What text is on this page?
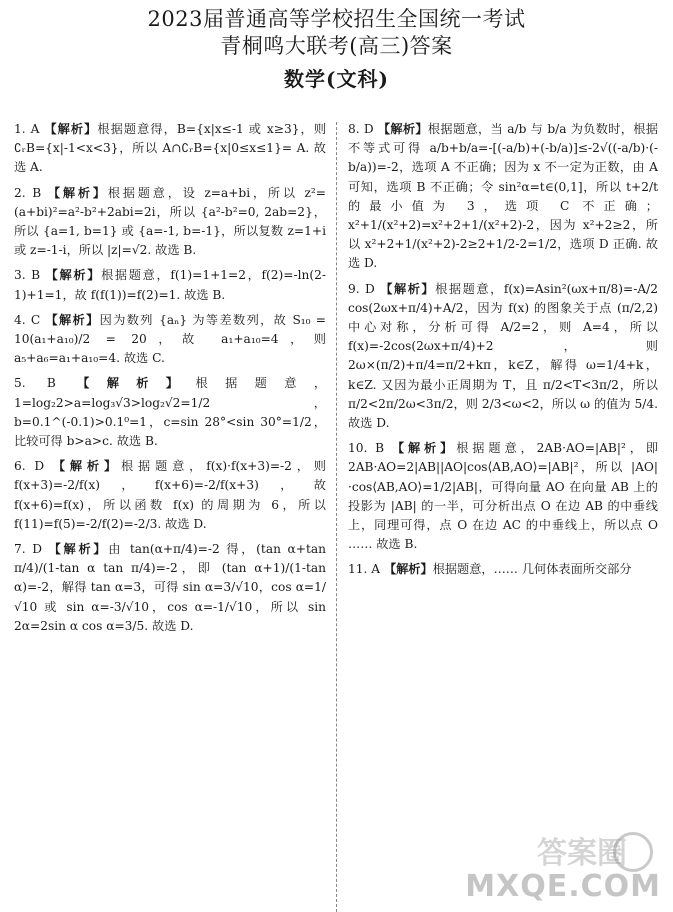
2023届普通高等学校招生全国统一考试
青桐鸣大联考(高三)答案
数学(文科)
1. A 【解析】根据题意得，B={x|x≤-1 或 x≥3}，则 ∁ᵣB={x|-1<x<3}，所以 A∩∁ᵣB={x|0≤x≤1}= A. 故选 A.
2. B 【解析】根据题意，设 z=a+bi，所以 z²=(a+bi)²=a²-b²+2abi=2i，所以 {a²-b²=0, 2ab=2}，所以 {a=1, b=1} 或 {a=-1, b=-1}，所以复数 z=1+i 或 z=-1-i，所以 |z|=√2. 故选 B.
3. B 【解析】根据题意，f(1)=1+1=2，f(2)=-ln(2-1)+1=1，故 f(f(1))=f(2)=1. 故选 B.
4. C 【解析】因为数列 {aₙ} 为等差数列，故 S₁₀ = 10(a₁+a₁₀)/2 = 20，故 a₁+a₁₀=4，则 a₅+a₆=a₁+a₁₀=4. 故选 C.
5. B 【解析】根据题意，1=log₂2>a=log₃√3>log₂√2=1/2，b=0.1^(-0.1)>0.1⁰=1，c=sin 28°<sin 30°=1/2，比较可得 b>a>c. 故选 B.
6. D 【解析】根据题意，f(x)·f(x+3)=-2，则 f(x+3)=-2/f(x)，f(x+6)=-2/f(x+3)，故 f(x+6)=f(x)，所以函数 f(x) 的周期为 6，所以 f(11)=f(5)=-2/f(2)=-2/3. 故选 D.
7. D 【解析】由 tan(α+π/4)=-2 得，(tan α+tan π/4)/(1-tan α tan π/4)=-2，即 (tan α+1)/(1-tan α)=-2，解得 tan α=3，可得 sin α=3/√10，cos α=1/√10 或 sin α=-3/√10，cos α=-1/√10，所以 sin 2α=2sin α cos α=3/5. 故选 D.
8. D 【解析】根据题意，当 a/b 与 b/a 为负数时，根据不等式可得 a/b+b/a=-[(-a/b)+(-b/a)]≤-2√((-a/b)·(-b/a))=-2，选项 A 不正确；因为 x 不一定为正数，由 A 可知，选项 B 不正确；令 sin²α=t∈(0,1]，所以 t+2/t 的最小值为 3，选项 C 不正确；x²+1/(x²+2)=x²+2+1/(x²+2)-2，因为 x²+2≥2，所以 x²+2+1/(x²+2)-2≥2+1/2-2=1/2，选项 D 正确. 故选 D.
9. D 【解析】根据题意，f(x)=Asin²(ωx+π/8)=-A/2 cos(2ωx+π/4)+A/2，因为 f(x) 的图象关于点 (π/2,2) 中心对称，分析可得 A/2=2，则 A=4，所以 f(x)=-2cos(2ωx+π/4)+2，则 2ω×(π/2)+π/4=π/2+kπ，k∈Z，解得 ω=1/4+k，k∈Z. 又因为最小正周期为 T，且 π/2<T<3π/2，所以 π/2<2π/2ω<3π/2，则 2/3<ω<2，所以 ω 的值为 5/4. 故选 D.
10. B 【解析】根据题意，2AB·AO=|AB|²，即 2AB·AO=2|AB||AO|cos⟨AB,AO⟩=|AB|²，所以 |AO|·cos⟨AB,AO⟩=1/2|AB|，可得向量 AO 在向量 AB 上的投影为 |AB| 的一半，可分析出点 O 在边 AB 的中垂线上，同理可得，点 O 在边 AC 的中垂线上，所以点 O …… 故选 B.
11. A 【解析】根据题意，…… 几何体表面所交部分
答案圈
MXQE.COM
